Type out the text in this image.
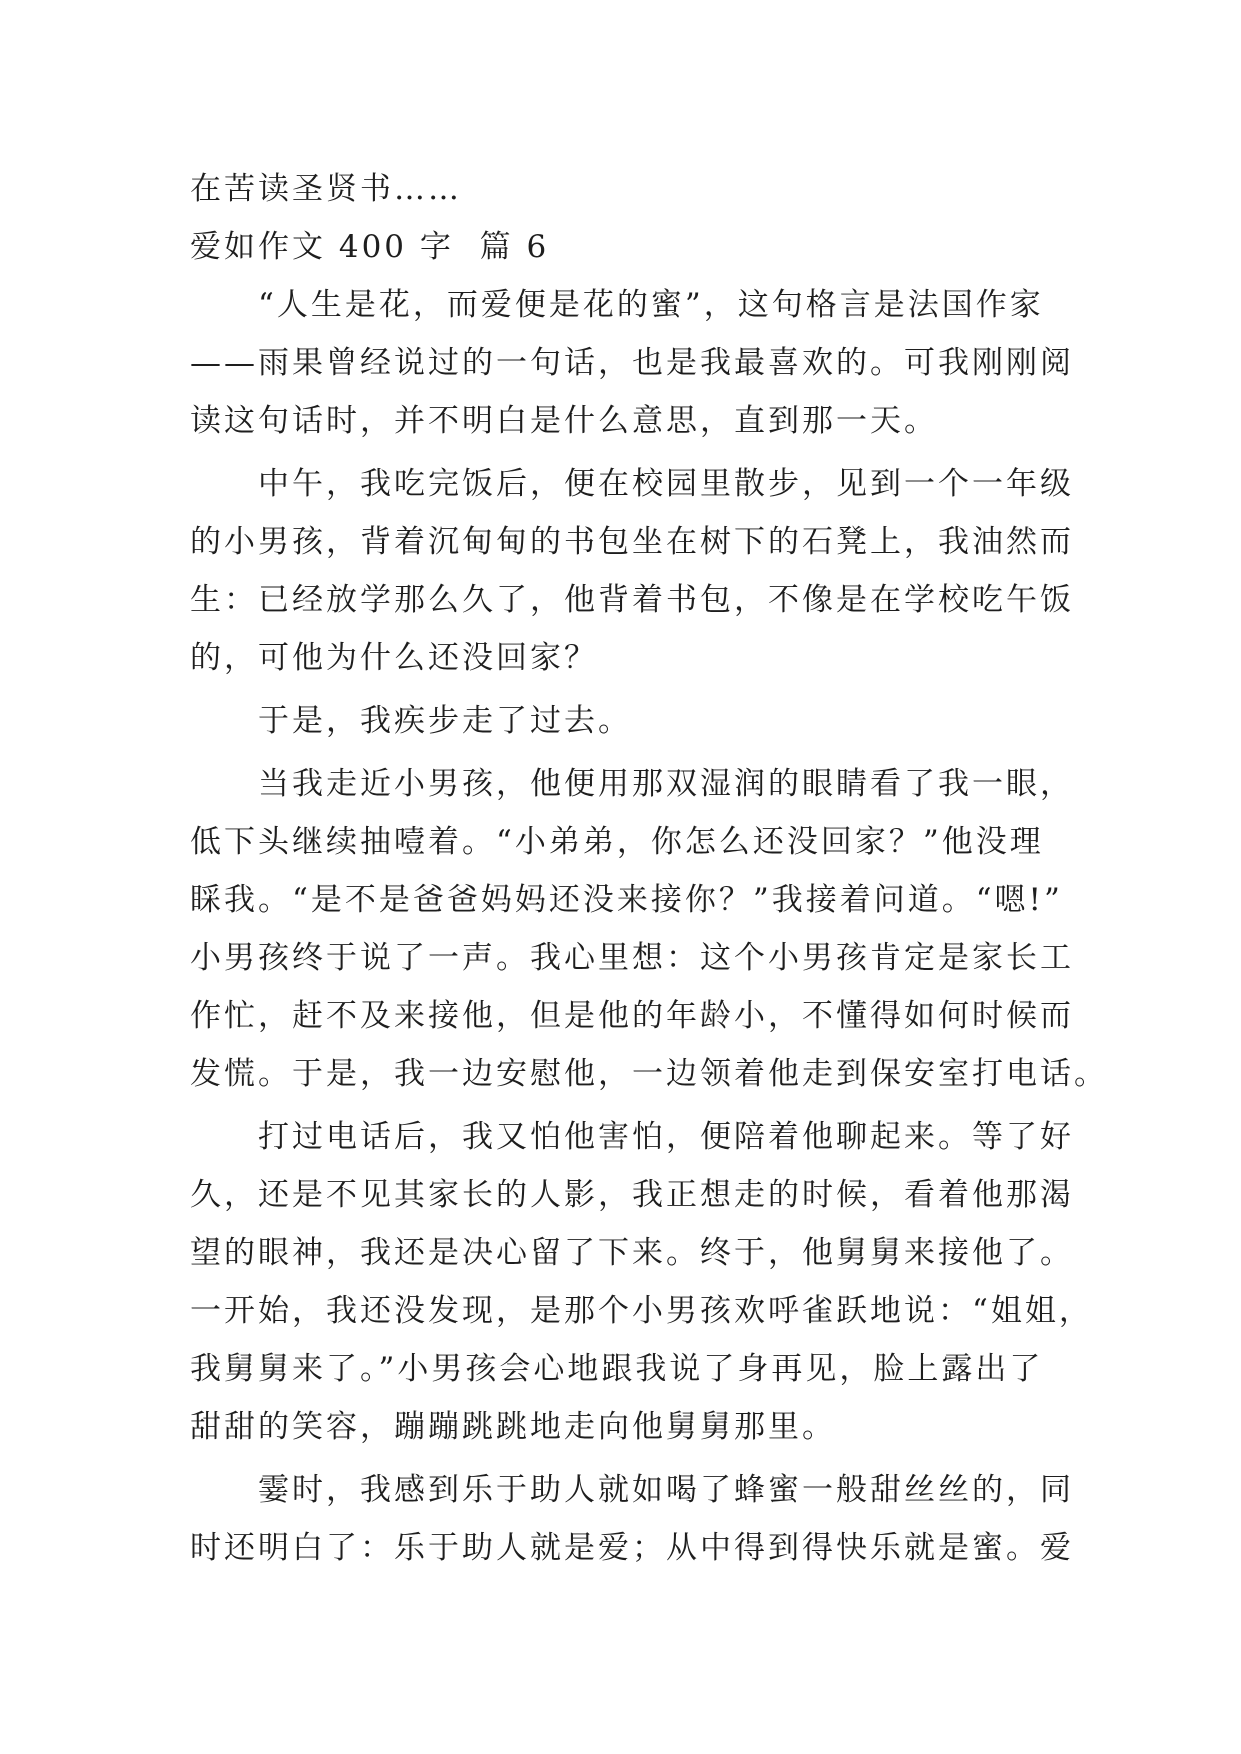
在苦读圣贤书……

爱如作文 400 字  篇 6

“人生是花，而爱便是花的蜜”，这句格言是法国作家

——雨果曾经说过的一句话，也是我最喜欢的。可我刚刚阅

读这句话时，并不明白是什么意思，直到那一天。

中午，我吃完饭后，便在校园里散步，见到一个一年级

的小男孩，背着沉甸甸的书包坐在树下的石凳上，我油然而

生：已经放学那么久了，他背着书包，不像是在学校吃午饭

的，可他为什么还没回家？

于是，我疾步走了过去。

当我走近小男孩，他便用那双湿润的眼睛看了我一眼，

低下头继续抽噎着。“小弟弟，你怎么还没回家？”他没理

睬我。“是不是爸爸妈妈还没来接你？”我接着问道。“嗯!”

小男孩终于说了一声。我心里想：这个小男孩肯定是家长工

作忙，赶不及来接他，但是他的年龄小，不懂得如何时候而

发慌。于是，我一边安慰他，一边领着他走到保安室打电话。

打过电话后，我又怕他害怕，便陪着他聊起来。等了好

久，还是不见其家长的人影，我正想走的时候，看着他那渴

望的眼神，我还是决心留了下来。终于，他舅舅来接他了。

一开始，我还没发现，是那个小男孩欢呼雀跃地说：“姐姐，

我舅舅来了。”小男孩会心地跟我说了身再见，脸上露出了

甜甜的笑容，蹦蹦跳跳地走向他舅舅那里。

霎时，我感到乐于助人就如喝了蜂蜜一般甜丝丝的，同

时还明白了：乐于助人就是爱；从中得到得快乐就是蜜。爱
